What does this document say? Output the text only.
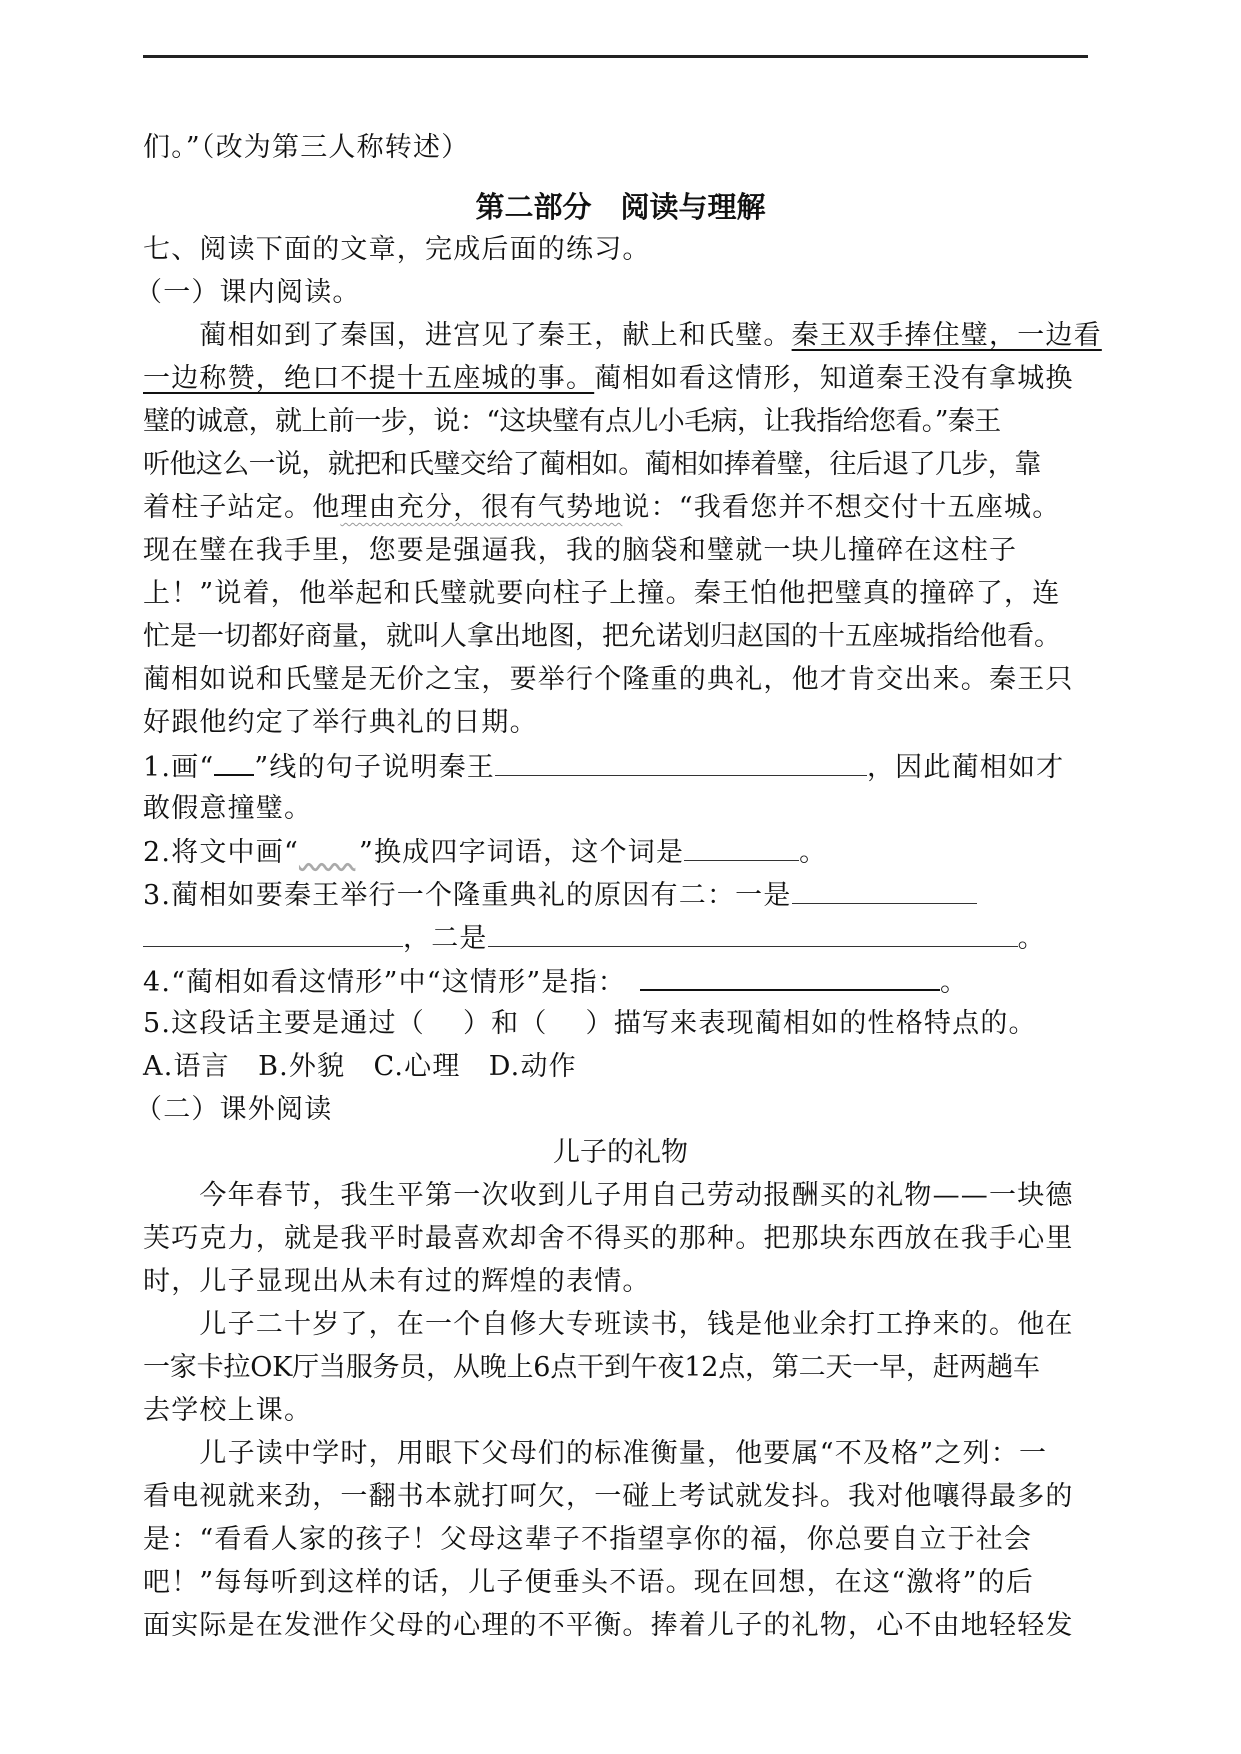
们。”（改为第三人称转述）
第二部分　阅读与理解
七、阅读下面的文章，完成后面的练习。
（一）课内阅读。
　　蔺相如到了秦国，进宫见了秦王，献上和氏璧。秦王双手捧住璧，一边看
一边称赞，绝口不提十五座城的事。蔺相如看这情形，知道秦王没有拿城换
璧的诚意，就上前一步，说：“这块璧有点儿小毛病，让我指给您看。”秦王
听他这么一说，就把和氏璧交给了蔺相如。蔺相如捧着璧，往后退了几步，靠
着柱子站定。他理由充分，很有气势地说：“我看您并不想交付十五座城。
现在璧在我手里，您要是强逼我，我的脑袋和璧就一块儿撞碎在这柱子
上！”说着，他举起和氏璧就要向柱子上撞。秦王怕他把璧真的撞碎了，连
忙是一切都好商量，就叫人拿出地图，把允诺划归赵国的十五座城指给他看。
蔺相如说和氏璧是无价之宝，要举行个隆重的典礼，他才肯交出来。秦王只
好跟他约定了举行典礼的日期。
1.画“ ”线的句子说明秦王	，因此蔺相如才
敢假意撞璧。
2.将文中画“　　 ”换成四字词语，这个词是	。
3.蔺相如要秦王举行一个隆重典礼的原因有二：一是
，二是	。
4.“蔺相如看这情形”中“这情形”是指：	。
5.这段话主要是通过（　 ）和（　 ）描写来表现蔺相如的性格特点的。
A.语言　B.外貌　C.心理　D.动作
（二）课外阅读
儿子的礼物
　　今年春节，我生平第一次收到儿子用自己劳动报酬买的礼物——一块德
芙巧克力，就是我平时最喜欢却舍不得买的那种。把那块东西放在我手心里
时，儿子显现出从未有过的辉煌的表情。
　　儿子二十岁了，在一个自修大专班读书，钱是他业余打工挣来的。他在
一家卡拉OK厅当服务员，从晚上6点干到午夜12点，第二天一早，赶两趟车
去学校上课。
　　儿子读中学时，用眼下父母们的标准衡量，他要属“不及格”之列：一
看电视就来劲，一翻书本就打呵欠，一碰上考试就发抖。我对他嚷得最多的
是：“看看人家的孩子！父母这辈子不指望享你的福，你总要自立于社会
吧！”每每听到这样的话，儿子便垂头不语。现在回想，在这“激将”的后
面实际是在发泄作父母的心理的不平衡。捧着儿子的礼物，心不由地轻轻发
